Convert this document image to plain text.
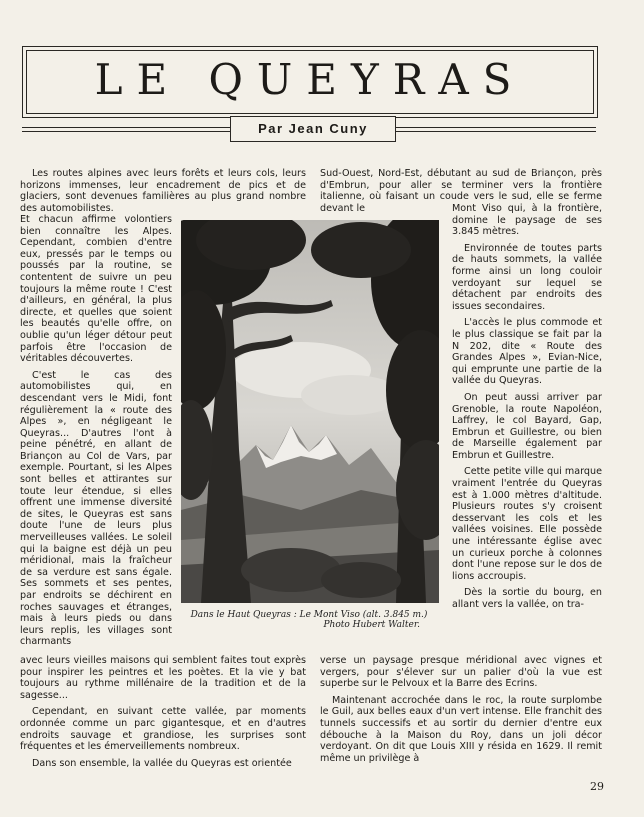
LE QUEYRAS
Par Jean Cuny

Les routes alpines avec leurs forêts et leurs cols, leurs horizons immenses, leur encadrement de pics et de glaciers, sont devenues familières au plus grand nombre des automobilistes.

Et chacun affirme volontiers bien connaître les Alpes. Cependant, combien d'entre eux, pressés par le temps ou poussés par la routine, se contentent de suivre un peu toujours la même route ! C'est d'ailleurs, en général, la plus directe, et quelles que soient les beautés qu'elle offre, on oublie qu'un léger détour peut parfois être l'occasion de véritables découvertes.

C'est le cas des automobilistes qui, en descendant vers le Midi, font régulièrement la « route des Alpes », en négligeant le Queyras... D'autres l'ont à peine pénétré, en allant de Briançon au Col de Vars, par exemple. Pourtant, si les Alpes sont belles et attirantes sur toute leur étendue, si elles offrent une immense diversité de sites, le Queyras est sans doute l'une de leurs plus merveilleuses vallées. Le soleil qui la baigne est déjà un peu méridional, mais la fraîcheur de sa verdure est sans égale. Ses sommets et ses pentes, par endroits se déchirent en roches sauvages et étranges, mais à leurs pieds ou dans leurs replis, les villages sont charmants

avec leurs vieilles maisons qui semblent faites tout exprès pour inspirer les peintres et les poètes. Et la vie y bat toujours au rythme millénaire de la tradition et de la sagesse...

Cependant, en suivant cette vallée, par moments ordonnée comme un parc gigantesque, et en d'autres endroits sauvage et grandiose, les surprises sont fréquentes et les émerveillements nombreux.

Dans son ensemble, la vallée du Queyras est orientée

Sud-Ouest, Nord-Est, débutant au sud de Briançon, près d'Embrun, pour aller se terminer vers la frontière italienne, où faisant un coude vers le sud, elle se ferme devant le	Mont Viso qui, à la frontière, domine le paysage de ses 3.845 mètres.

Environnée de toutes parts de hauts sommets, la vallée forme ainsi un long couloir verdoyant sur lequel se détachent par endroits des issues secondaires.

L'accès le plus commode et le plus classique se fait par la N 202, dite « Route des Grandes Alpes », Evian-Nice, qui emprunte une partie de la vallée du Queyras.

On peut aussi arriver par Grenoble, la route Napoléon, Laffrey, le col Bayard, Gap, Embrun et Guillestre, ou bien de Marseille également par Embrun et Guillestre.

Cette petite ville qui marque vraiment l'entrée du Queyras est à 1.000 mètres d'altitude. Plusieurs routes s'y croisent desservant les cols et les vallées voisines. Elle possède une intéressante église avec un curieux porche à colonnes dont l'une repose sur le dos de lions accroupis.

Dès la sortie du bourg, en allant vers la vallée, on tra-

verse un paysage presque méridional avec vignes et vergers, pour s'élever sur un palier d'où la vue est superbe sur le Pelvoux et la Barre des Ecrins.

Maintenant accrochée dans le roc, la route surplombe le Guil, aux belles eaux d'un vert intense. Elle franchit des tunnels successifs et au sortir du dernier d'entre eux débouche à la Maison du Roy, dans un joli décor verdoyant. On dit que Louis XIII y résida en 1629. Il remit même un privilège à

Dans le Haut Queyras : Le Mont Viso (alt. 3.845 m.)
Photo Hubert Walter.
29
